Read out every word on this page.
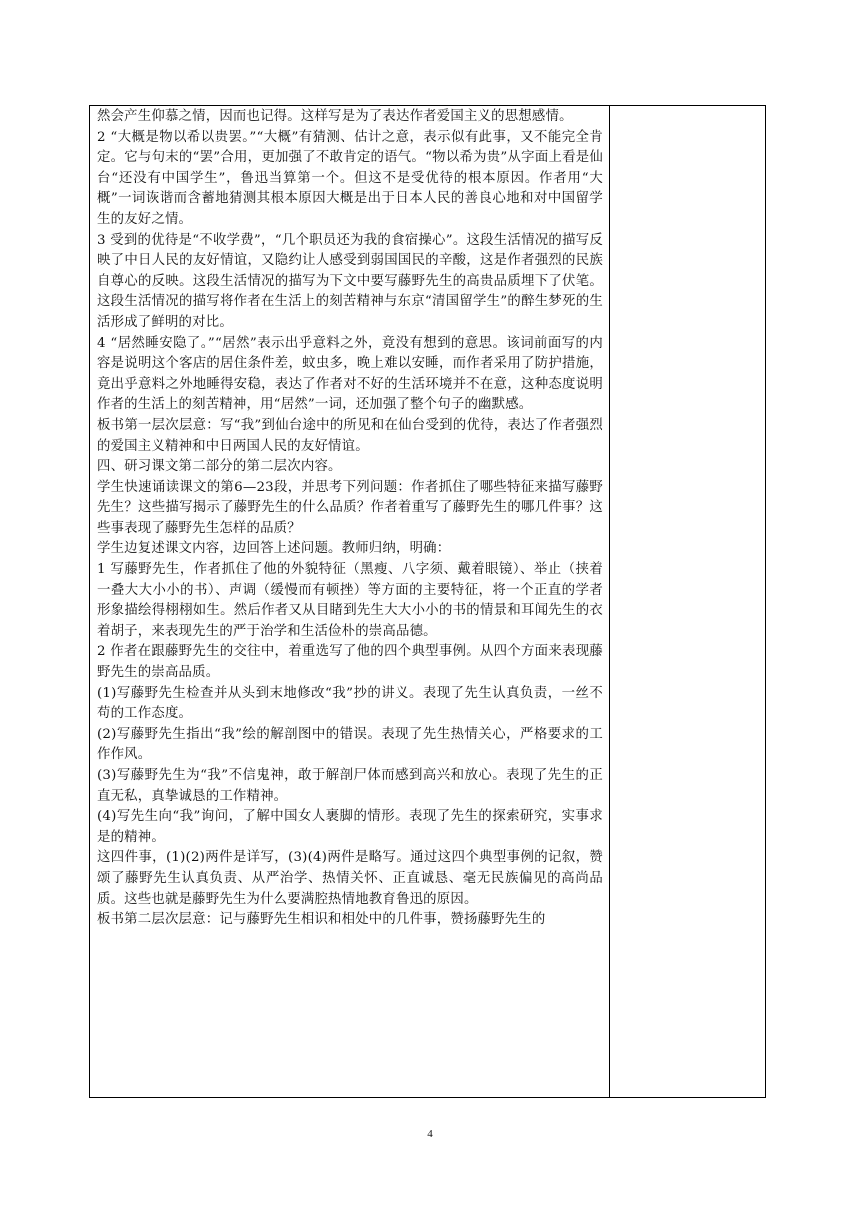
然会产生仰慕之情，因而也记得。这样写是为了表达作者爱国主义的思想感情。

2 “大概是物以希以贵罢。”“大概”有猜测、估计之意，表示似有此事，又不能完全肯定。它与句末的“罢”合用，更加强了不敢肯定的语气。“物以希为贵”从字面上看是仙台“还没有中国学生”，鲁迅当算第一个。但这不是受优待的根本原因。作者用“大概”一词诙谐而含蓄地猜测其根本原因大概是出于日本人民的善良心地和对中国留学生的友好之情。

3 受到的优待是“不收学费”，“几个职员还为我的食宿操心”。这段生活情况的描写反映了中日人民的友好情谊，又隐约让人感受到弱国国民的辛酸，这是作者强烈的民族自尊心的反映。这段生活情况的描写为下文中要写藤野先生的高贵品质埋下了伏笔。这段生活情况的描写将作者在生活上的刻苦精神与东京“清国留学生”的醉生梦死的生活形成了鲜明的对比。

4 “居然睡安隐了。”“居然”表示出乎意料之外，竟没有想到的意思。该词前面写的内容是说明这个客店的居住条件差，蚊虫多，晚上难以安睡，而作者采用了防护措施，竟出乎意料之外地睡得安稳，表达了作者对不好的生活环境并不在意，这种态度说明作者的生活上的刻苦精神，用“居然”一词，还加强了整个句子的幽默感。

板书第一层次层意：写“我”到仙台途中的所见和在仙台受到的优待，表达了作者强烈的爱国主义精神和中日两国人民的友好情谊。

四、研习课文第二部分的第二层次内容。

学生快速诵读课文的第6—23段，并思考下列问题：作者抓住了哪些特征来描写藤野先生？这些描写揭示了藤野先生的什么品质？作者着重写了藤野先生的哪几件事？这些事表现了藤野先生怎样的品质？

学生边复述课文内容，边回答上述问题。教师归纳，明确：

1 写藤野先生，作者抓住了他的外貌特征（黑瘦、八字须、戴着眼镜）、举止（挟着一叠大大小小的书）、声调（缓慢而有顿挫）等方面的主要特征，将一个正直的学者形象描绘得栩栩如生。然后作者又从目睹到先生大大小小的书的情景和耳闻先生的衣着胡子，来表现先生的严于治学和生活俭朴的崇高品德。

2 作者在跟藤野先生的交往中，着重选写了他的四个典型事例。从四个方面来表现藤野先生的崇高品质。

(1)写藤野先生检查并从头到末地修改“我”抄的讲义。表现了先生认真负责，一丝不苟的工作态度。

(2)写藤野先生指出“我”绘的解剖图中的错误。表现了先生热情关心，严格要求的工作作风。

(3)写藤野先生为“我”不信鬼神，敢于解剖尸体而感到高兴和放心。表现了先生的正直无私，真挚诚恳的工作精神。

(4)写先生向“我”询问，了解中国女人裹脚的情形。表现了先生的探索研究，实事求是的精神。

这四件事，(1)(2)两件是详写，(3)(4)两件是略写。通过这四个典型事例的记叙，赞颂了藤野先生认真负责、从严治学、热情关怀、正直诚恳、毫无民族偏见的高尚品质。这些也就是藤野先生为什么要满腔热情地教育鲁迅的原因。

板书第二层次层意：记与藤野先生相识和相处中的几件事，赞扬藤野先生的

4
